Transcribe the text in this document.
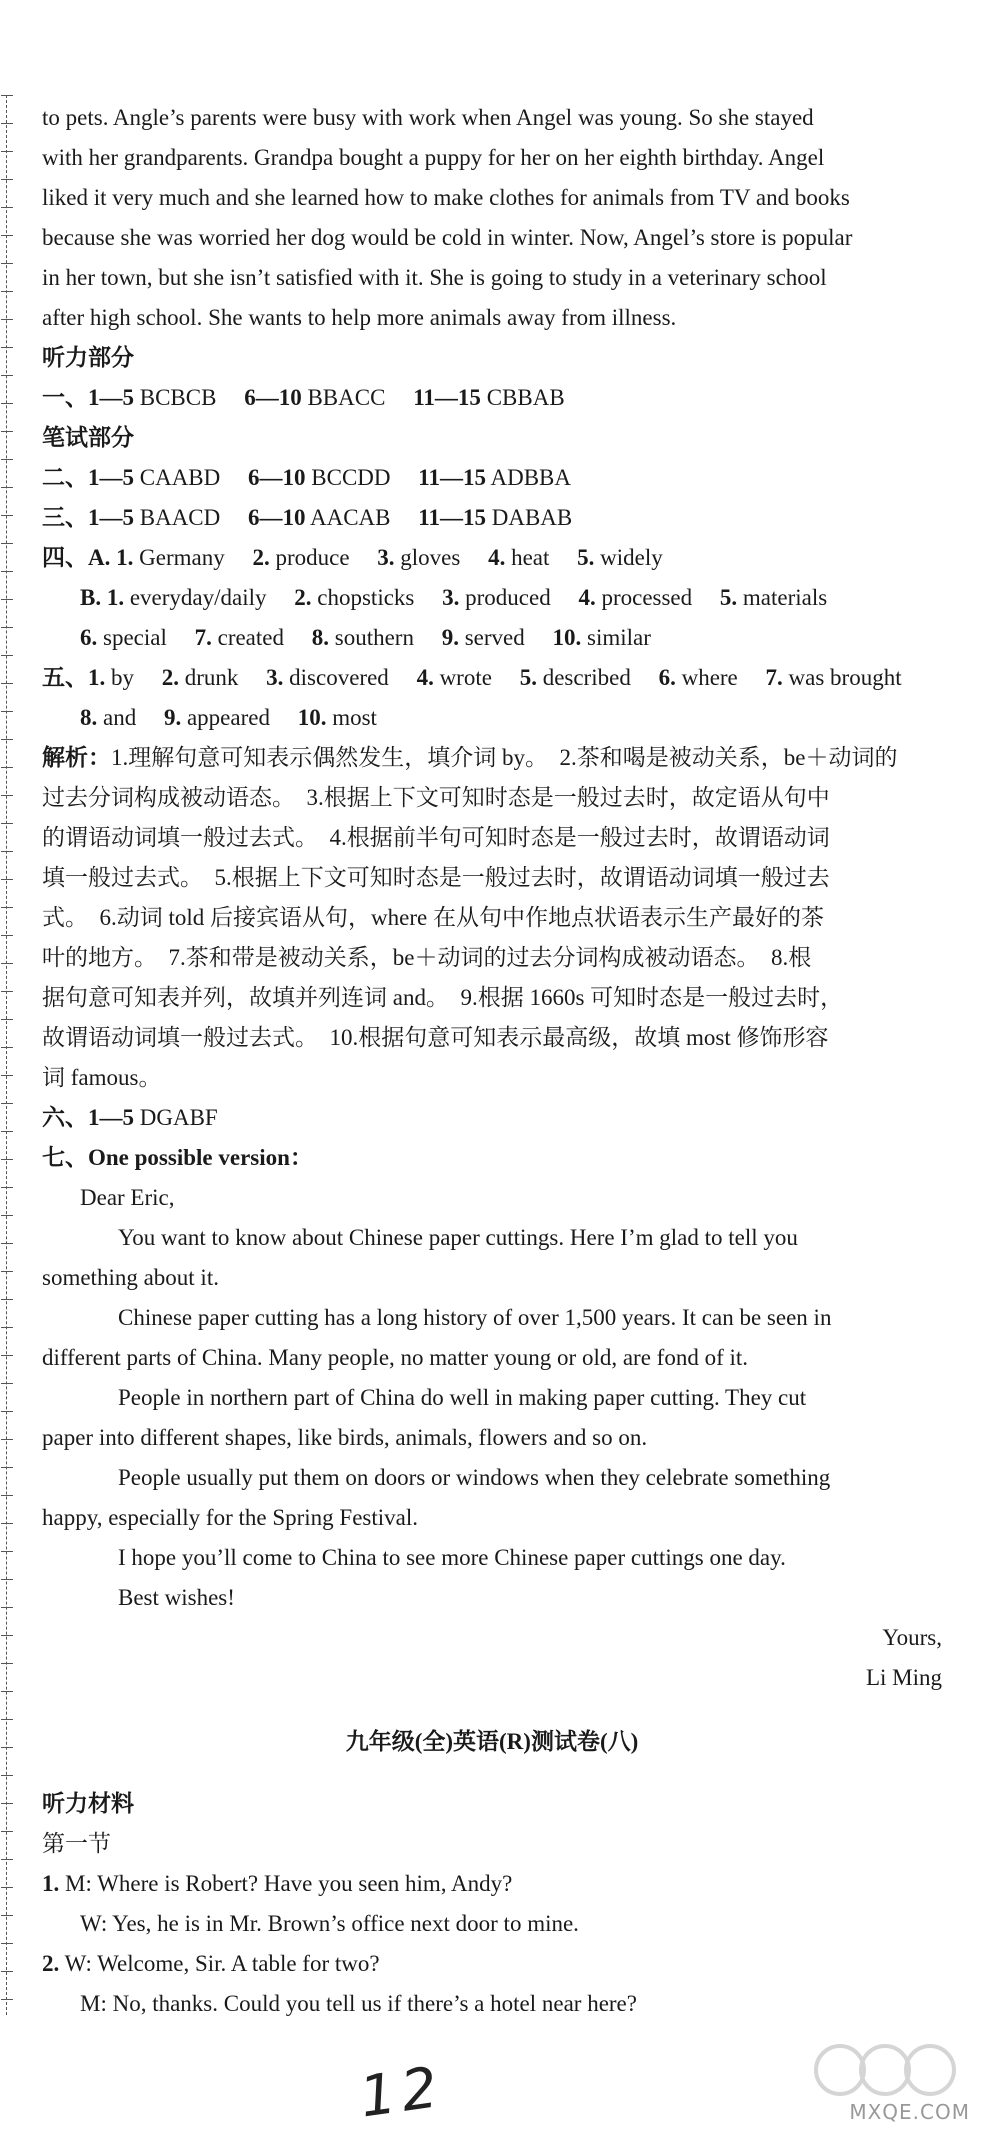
to pets. Angle’s parents were busy with work when Angel was young. So she stayed
with her grandparents. Grandpa bought a puppy for her on her eighth birthday. Angel
liked it very much and she learned how to make clothes for animals from TV and books
because she was worried her dog would be cold in winter. Now, Angel’s store is popular
in her town, but she isn’t satisfied with it. She is going to study in a veterinary school
after high school. She wants to help more animals away from illness.
听力部分
一、1—5 BCBCB 6—10 BBACC 11—15 CBBAB
笔试部分
二、1—5 CAABD 6—10 BCCDD 11—15 ADBBA
三、1—5 BAACD 6—10 AACAB 11—15 DABAB
四、A. 1. Germany 2. produce 3. gloves 4. heat 5. widely
B. 1. everyday/daily 2. chopsticks 3. produced 4. processed 5. materials
6. special 7. created 8. southern 9. served 10. similar
五、1. by 2. drunk 3. discovered 4. wrote 5. described 6. where 7. was brought
8. and 9. appeared 10. most
解析：1.理解句意可知表示偶然发生，填介词 by。　2.茶和喝是被动关系，be＋动词的
过去分词构成被动语态。　3.根据上下文可知时态是一般过去时，故定语从句中
的谓语动词填一般过去式。　4.根据前半句可知时态是一般过去时，故谓语动词
填一般过去式。　5.根据上下文可知时态是一般过去时，故谓语动词填一般过去
式。　6.动词 told 后接宾语从句，where 在从句中作地点状语表示生产最好的茶
叶的地方。　7.茶和带是被动关系，be＋动词的过去分词构成被动语态。　8.根
据句意可知表并列，故填并列连词 and。　9.根据 1660s 可知时态是一般过去时，
故谓语动词填一般过去式。　10.根据句意可知表示最高级，故填 most 修饰形容
词 famous。
六、1—5 DGABF
七、One possible version：

Dear Eric,

You want to know about Chinese paper cuttings. Here I’m glad to tell you

something about it.

Chinese paper cutting has a long history of over 1,500 years. It can be seen in

different parts of China. Many people, no matter young or old, are fond of it.

People in northern part of China do well in making paper cutting. They cut

paper into different shapes, like birds, animals, flowers and so on.

People usually put them on doors or windows when they celebrate something

happy, especially for the Spring Festival.

I hope you’ll come to China to see more Chinese paper cuttings one day.

Best wishes!

Yours,

Li Ming

九年级(全)英语(R)测试卷(八)
听力材料
第一节
1. M: Where is Robert? Have you seen him, Andy?
W: Yes, he is in Mr. Brown’s office next door to mine.
2. W: Welcome, Sir. A table for two?
M: No, thanks. Could you tell us if there’s a hotel near here?
12	MXQE.COM
